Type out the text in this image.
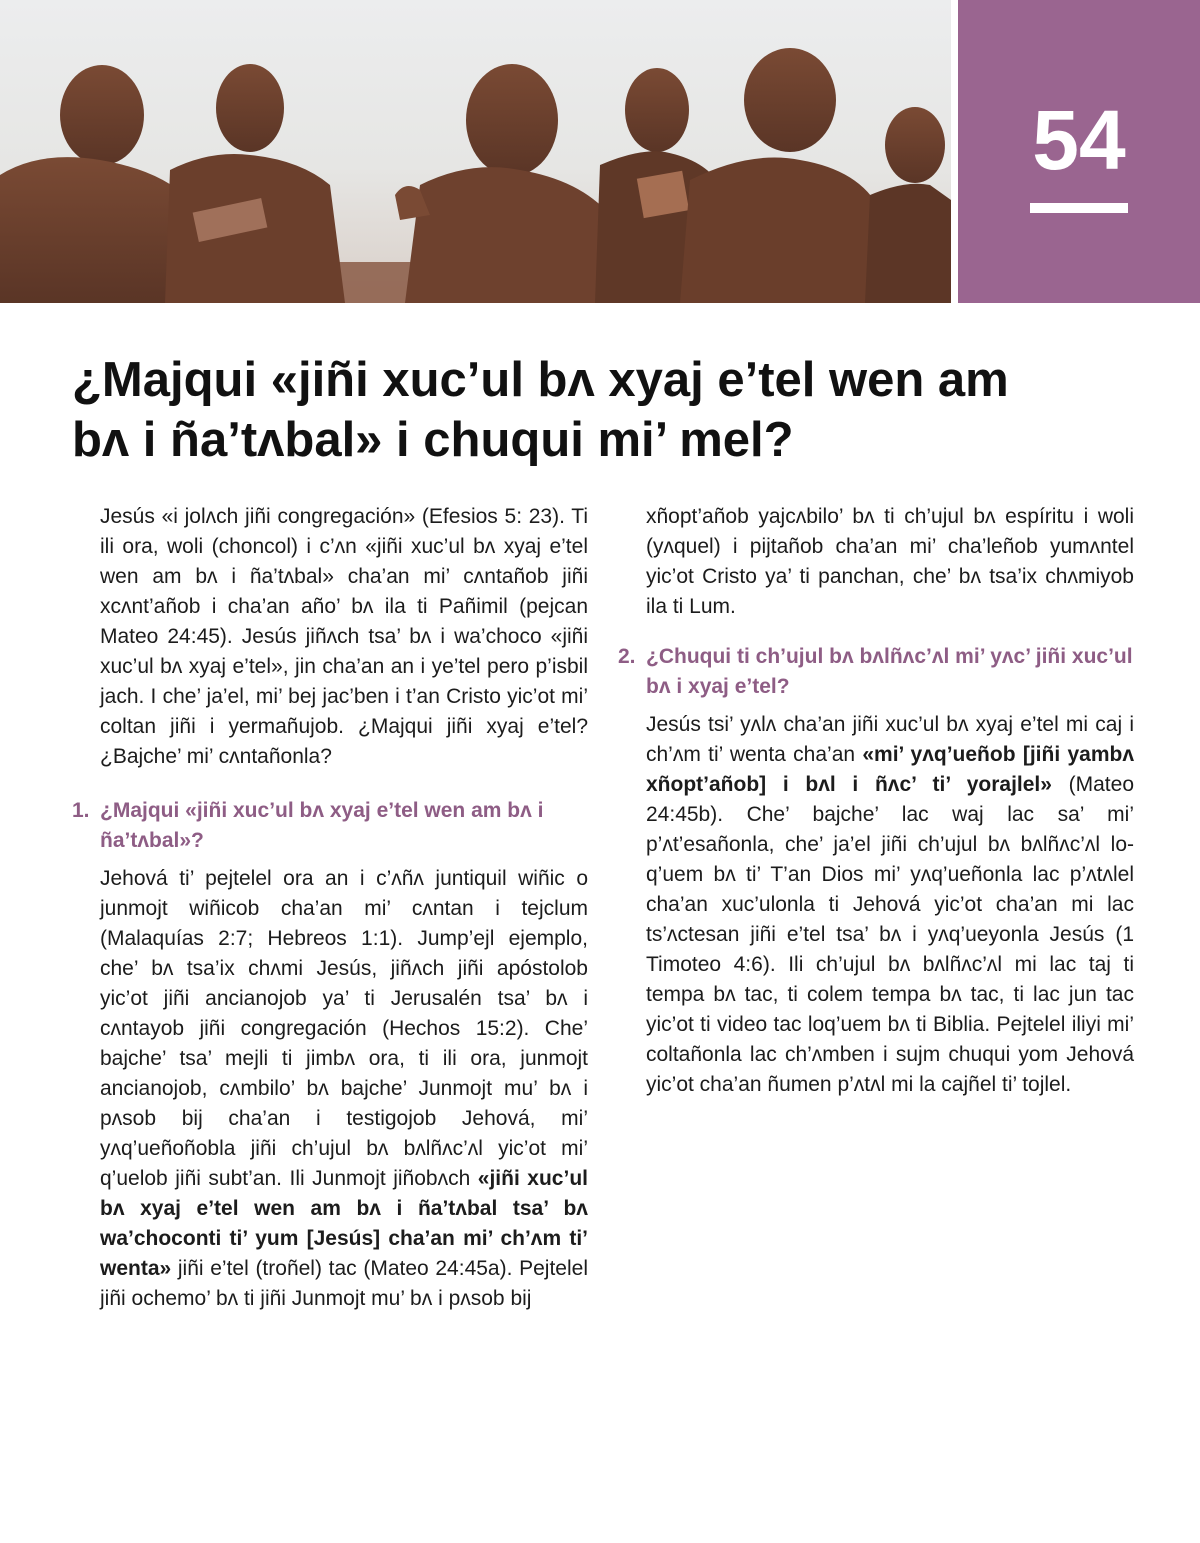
54
¿Majqui «jiñi xuc’ul bʌ xyaj e’tel wen am bʌ i ña’tʌbal» i chuqui mi’ mel?

Jesús «i jolʌch jiñi congregación» (Efesios 5: 23). Ti ili ora, woli (choncol) i c’ʌn «jiñi xuc’ul bʌ xyaj e’tel wen am bʌ i ña’tʌbal» cha’an mi’ cʌntañob jiñi xcʌnt’añob i cha’an año’ bʌ ila ti Pañimil (pejcan Mateo 24:45). Jesús jiñʌch tsa’ bʌ i wa’choco «jiñi xuc’ul bʌ xyaj e’tel», jin cha’an an i ye’tel pero p’isbil jach. I che’ ja’el, mi’ bej jac’ben i t’an Cristo yic’ot mi’ coltan jiñi i yermañujob. ¿Majqui jiñi xyaj e’tel? ¿Bajche’ mi’ cʌntañonla?

1. ¿Majqui «jiñi xuc’ul bʌ xyaj e’tel wen am bʌ i ña’tʌbal»?

Jehová ti’ pejtelel ora an i c’ʌñʌ juntiquil wiñic o junmojt wiñicob cha’an mi’ cʌntan i tejclum (Malaquías 2:7; Hebreos 1:1). Jump’ejl ejemplo, che’ bʌ tsa’ix chʌmi Jesús, jiñʌch jiñi apóstolob yic’ot jiñi ancianojob ya’ ti Jerusalén tsa’ bʌ i cʌntayob jiñi congregación (Hechos 15:2). Che’ bajche’ tsa’ mejli ti jimbʌ ora, ti ili ora, junmojt ancianojob, cʌmbilo’ bʌ bajche’ Junmojt mu’ bʌ i pʌsob bij cha’an i testigojob Jehová, mi’ yʌq’ueñoñobla jiñi ch’ujul bʌ bʌlñʌc’ʌl yic’ot mi’ q’uelob jiñi subt’an. Ili Junmojt jiñobʌch «jiñi xuc’ul bʌ xyaj e’tel wen am bʌ i ña’tʌbal tsa’ bʌ wa’choconti ti’ yum [Jesús] cha’an mi’ ch’ʌm ti’ wenta» jiñi e’tel (troñel) tac (Mateo 24:45a). Pejtelel jiñi ochemo’ bʌ ti jiñi Junmojt mu’ bʌ i pʌsob bij

xñopt’añob yajcʌbilo’ bʌ ti ch’ujul bʌ espíritu i woli (yʌquel) i pijtañob cha’an mi’ cha’leñob yumʌntel yic’ot Cristo ya’ ti panchan, che’ bʌ tsa’ix chʌmiyob ila ti Lum.

2. ¿Chuqui ti ch’ujul bʌ bʌlñʌc’ʌl mi’ yʌc’ jiñi xuc’ul bʌ i xyaj e’tel?

Jesús tsi’ yʌlʌ cha’an jiñi xuc’ul bʌ xyaj e’tel mi caj i ch’ʌm ti’ wenta cha’an «mi’ yʌq’ueñob [jiñi yambʌ xñopt’añob] i bʌl i ñʌc’ ti’ yorajlel» (Mateo 24:45b). Che’ bajche’ lac waj lac sa’ mi’ p’ʌt’esañonla, che’ ja’el jiñi ch’ujul bʌ bʌlñʌc’ʌl loq’uem bʌ ti’ T’an Dios mi’ yʌq’ueñonla lac p’ʌtʌlel cha’an xuc’ulonla ti Jehová yic’ot cha’an mi lac ts’ʌctesan jiñi e’tel tsa’ bʌ i yʌq’ueyonla Jesús (1 Timoteo 4:6). Ili ch’ujul bʌ bʌlñʌc’ʌl mi lac taj ti tempa bʌ tac, ti colem tempa bʌ tac, ti lac jun tac yic’ot ti video tac loq’uem bʌ ti Biblia. Pejtelel iliyi mi’ coltañonla lac ch’ʌmben i sujm chuqui yom Jehová yic’ot cha’an ñumen p’ʌtʌl mi la cajñel ti’ tojlel.
